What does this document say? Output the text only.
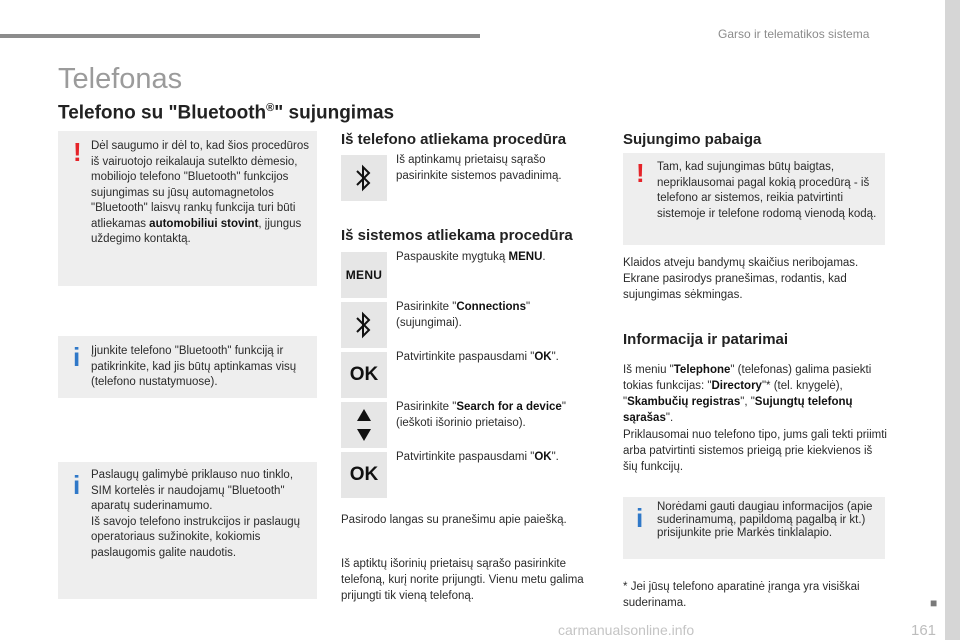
Garso ir telematikos sistema
Telefonas
Telefono su "Bluetooth®" sujungimas
! Dėl saugumo ir dėl to, kad šios procedūros iš vairuotojo reikalauja sutelkto dėmesio, mobiliojo telefono "Bluetooth" funkcijos sujungimas su jūsų automagnetolos "Bluetooth" laisvų rankų funkcija turi būti atliekamas automobiliui stovint, įjungus uždegimo kontaktą.
i Įjunkite telefono "Bluetooth" funkciją ir patikrinkite, kad jis būtų aptinkamas visų (telefono nustatymuose).
i Paslaugų galimybė priklauso nuo tinklo, SIM kortelės ir naudojamų "Bluetooth" aparatų suderinamumo.
Iš savojo telefono instrukcijos ir paslaugų operatoriaus sužinokite, kokiomis paslaugomis galite naudotis.
Iš telefono atliekama procedūra
Iš aptinkamų prietaisų sąrašo pasirinkite sistemos pavadinimą.
Iš sistemos atliekama procedūra
MENU
Paspauskite mygtuką MENU.
Pasirinkite "Connections" (sujungimai).
OK
Patvirtinkite paspausdami "OK".
Pasirinkite "Search for a device" (ieškoti išorinio prietaiso).
OK
Patvirtinkite paspausdami "OK".
Pasirodo langas su pranešimu apie paiešką.
Iš aptiktų išorinių prietaisų sąrašo pasirinkite telefoną, kurį norite prijungti. Vienu metu galima prijungti tik vieną telefoną.
Sujungimo pabaiga
! Tam, kad sujungimas būtų baigtas, nepriklausomai pagal kokią procedūrą - iš telefono ar sistemos, reikia patvirtinti sistemoje ir telefone rodomą vienodą kodą.
Klaidos atveju bandymų skaičius neribojamas. Ekrane pasirodys pranešimas, rodantis, kad sujungimas sėkmingas.
Informacija ir patarimai
Iš meniu "Telephone" (telefonas) galima pasiekti tokias funkcijas: "Directory"* (tel. knygelė), "Skambučių registras", "Sujungtų telefonų sąrašas".
Priklausomai nuo telefono tipo, jums gali tekti priimti arba patvirtinti sistemos prieigą prie kiekvienos iš šių funkcijų.
i Norėdami gauti daugiau informacijos (apie suderinamumą, papildomą pagalbą ir kt.) prisijunkite prie Markės tinklalapio.
* Jei jūsų telefono aparatinė įranga yra visiškai suderinama.	■
carmanualsonline.info	161
